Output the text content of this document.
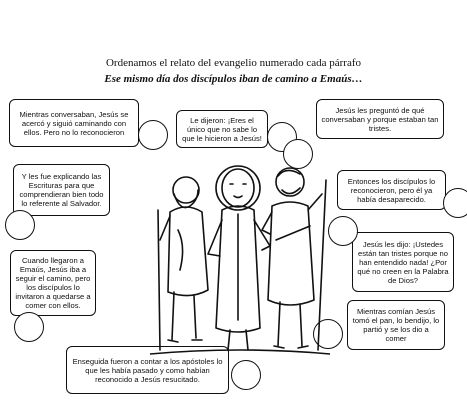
Ordenamos el relato del evangelio numerado cada párrafo
Ese mismo día dos discípulos iban de camino a Emaús…
Mientras conversaban, Jesús se acercó y siguió caminando con ellos. Pero no lo reconocieron
Le dijeron: ¡Eres el único que no sabe lo que le hicieron a Jesús!
Jesús les preguntó de qué conversaban y porque estaban tan tristes.
Y les fue explicando las Escrituras para que comprendieran bien todo lo referente al Salvador.
Entonces los discípulos lo reconocieron, pero él ya había desaparecido.
Cuando llegaron a Emaús, Jesús iba a seguir el camino, pero los discípulos lo invitaron a quedarse a comer con ellos.
Jesús les dijo: ¡Ustedes están tan tristes porque no han entendido nada! ¿Por qué no creen en la Palabra de Dios?
Mientras comían Jesús tomó el pan, lo bendijo, lo partió y se los dio a comer
Enseguida fueron a contar a los apóstoles lo que les había pasado y como habían reconocido a Jesús resucitado.
